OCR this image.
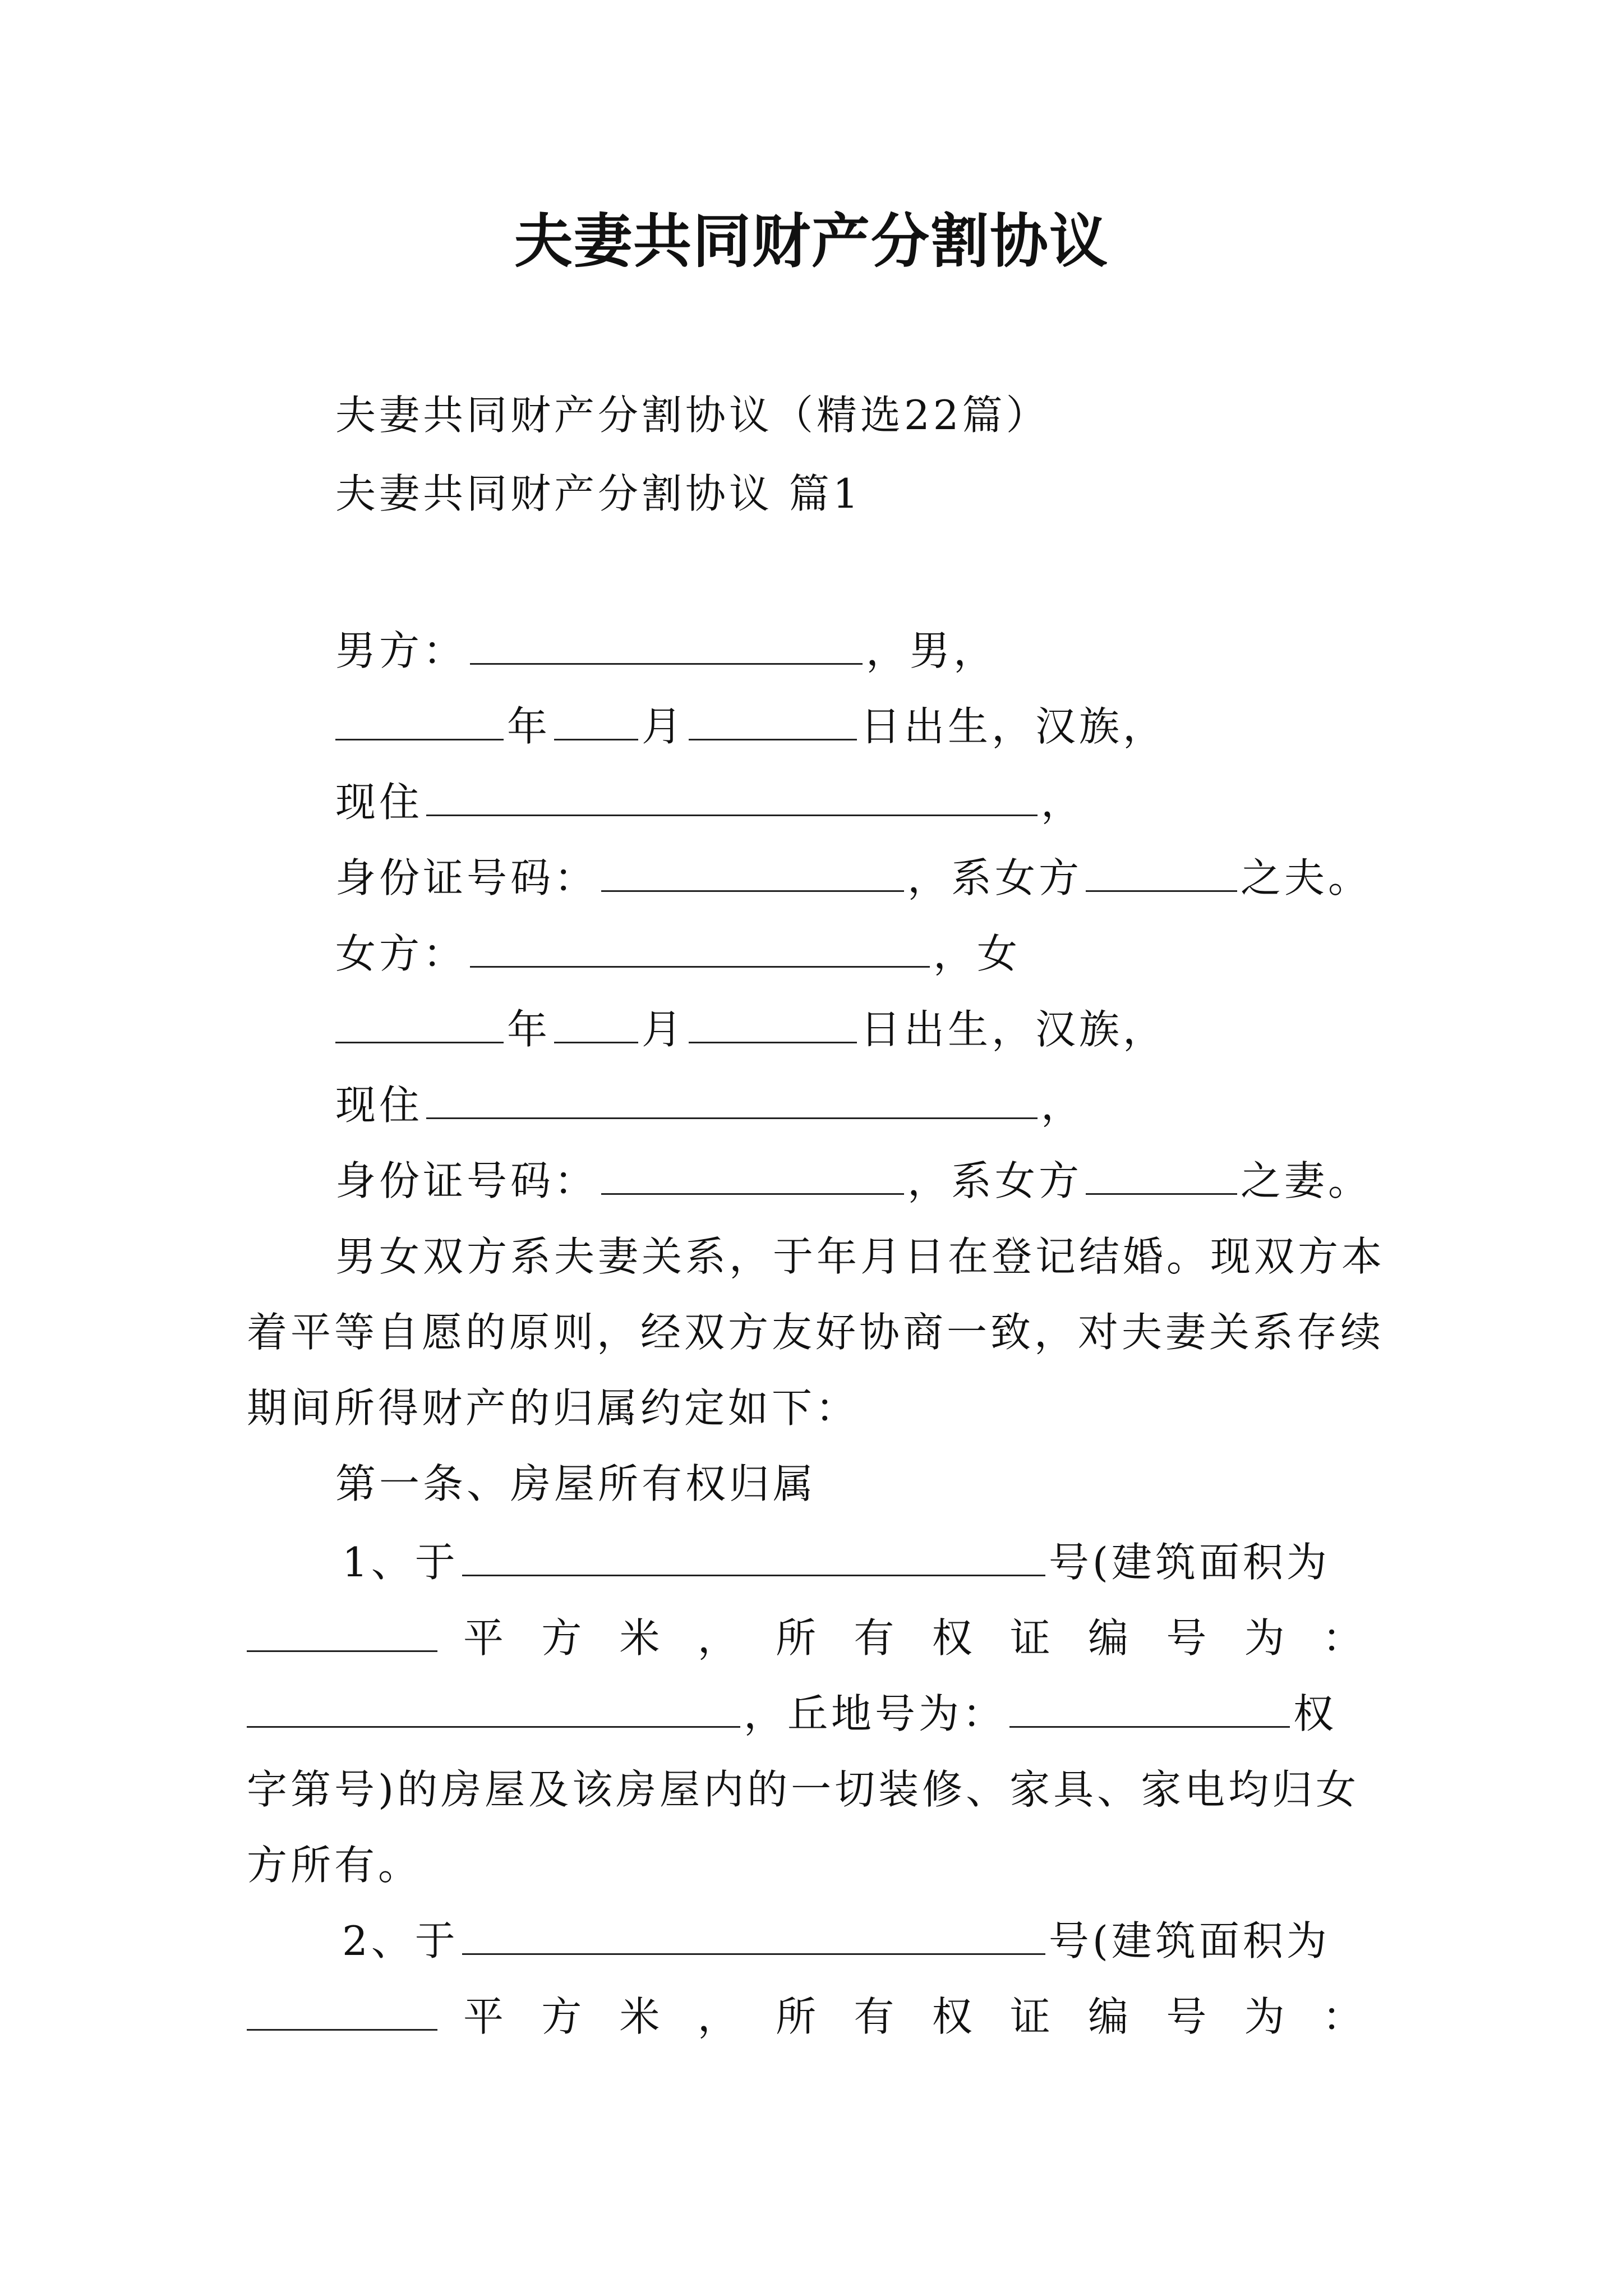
夫妻共同财产分割协议
夫妻共同财产分割协议（精选22篇）
夫妻共同财产分割协议 篇1
男方：	，男，
年 月	日出生，汉族，
现住	，
身份证号码：	，系女方	之夫。
女方：	，女
年 月	日出生，汉族，
现住	，
身份证号码：	，系女方	之妻。
男女双方系夫妻关系，于年月日在登记结婚。现双方本
着平等自愿的原则，经双方友好协商一致，对夫妻关系存续
期间所得财产的归属约定如下：
第一条、房屋所有权归属
1、于	号(建筑面积为
平 方 米 ， 所 有 权 证 编 号 为 ：
，丘地号为：	权
字第号)的房屋及该房屋内的一切装修、家具、家电均归女
方所有。
2、于	号(建筑面积为
平 方 米 ， 所 有 权 证 编 号 为 ：
